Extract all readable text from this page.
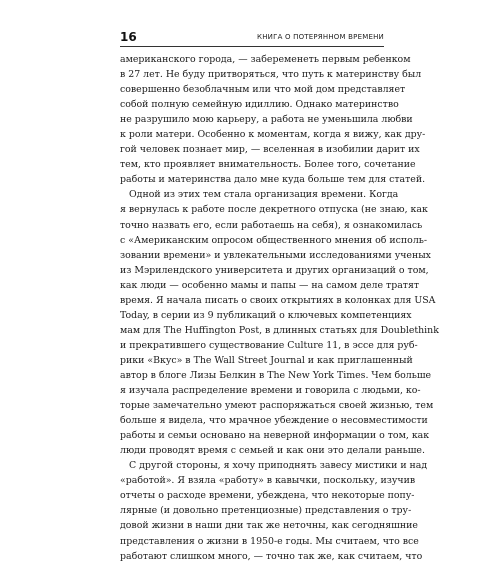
16	КНИГА О ПОТЕРЯННОМ ВРЕМЕНИ

американского города, — забеременеть первым ребенком
в 27 лет. Не буду притворяться, что путь к материнству был
совершенно безоблачным или что мой дом представляет
собой полную семейную идиллию. Однако материнство
не разрушило мою карьеру, а работа не уменьшила любви
к роли матери. Особенно к моментам, когда я вижу, как дру-
гой человек познает мир, — вселенная в изобилии дарит их
тем, кто проявляет внимательность. Более того, сочетание
работы и материнства дало мне куда больше тем для статей.

Одной из этих тем стала организация времени. Когда
я вернулась к работе после декретного отпуска (не знаю, как
точно назвать его, если работаешь на себя), я ознакомилась
с «Американским опросом общественного мнения об исполь-
зовании времени» и увлекательными исследованиями ученых
из Мэрилендского университета и других организаций о том,
как люди — особенно мамы и папы — на самом деле тратят
время. Я начала писать о своих открытиях в колонках для USA
Today, в серии из 9 публикаций о ключевых компетенциях
мам для The Huffington Post, в длинных статьях для Doublethink
и прекратившего существование Culture 11, в эссе для руб-
рики «Вкус» в The Wall Street Journal и как приглашенный
автор в блоге Лизы Белкин в The New York Times. Чем больше
я изучала распределение времени и говорила с людьми, ко-
торые замечательно умеют распоряжаться своей жизнью, тем
больше я видела, что мрачное убеждение о несовместимости
работы и семьи основано на неверной информации о том, как
люди проводят время с семьей и как они это делали раньше.

С другой стороны, я хочу приподнять завесу мистики и над
«работой». Я взяла «работу» в кавычки, поскольку, изучив
отчеты о расходе времени, убеждена, что некоторые попу-
лярные (и довольно претенциозные) представления о тру-
довой жизни в наши дни так же неточны, как сегодняшние
представления о жизни в 1950-е годы. Мы считаем, что все
работают слишком много, — точно так же, как считаем, что
